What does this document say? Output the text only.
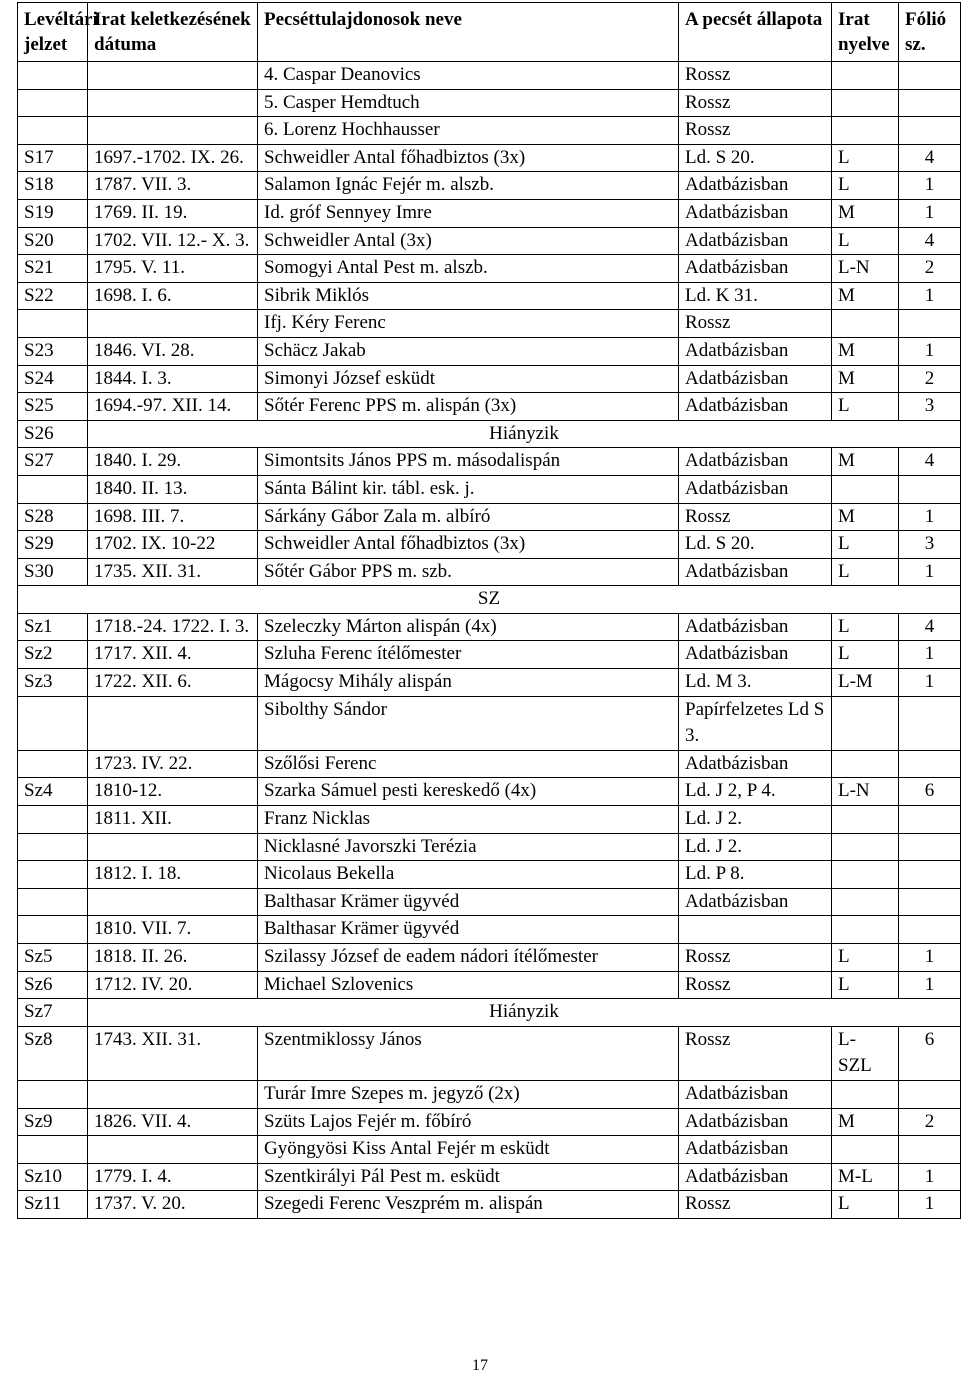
Levéltári jelzet	Irat keletkezésének dátuma	Pecséttulajdonosok neve	A pecsét állapota	Irat nyelve	Fólió sz.
		4. Caspar Deanovics	Rossz		
		5. Casper Hemdtuch	Rossz		
		6. Lorenz Hochhausser	Rossz		
S17	1697.-1702. IX. 26.	Schweidler Antal főhadbiztos (3x)	Ld. S 20.	L	4
S18	1787. VII. 3.	Salamon Ignác Fejér m. alszb.	Adatbázisban	L	1
S19	1769. II. 19.	Id. gróf Sennyey Imre	Adatbázisban	M	1
S20	1702. VII. 12.- X. 3.	Schweidler Antal (3x)	Adatbázisban	L	4
S21	1795. V. 11.	Somogyi Antal Pest m. alszb.	Adatbázisban	L-N	2
S22	1698. I. 6.	Sibrik Miklós	Ld. K 31.	M	1
		Ifj. Kéry Ferenc	Rossz		
S23	1846. VI. 28.	Schäcz Jakab	Adatbázisban	M	1
S24	1844. I. 3.	Simonyi József esküdt	Adatbázisban	M	2
S25	1694.-97. XII. 14.	Sőtér Ferenc PPS m. alispán (3x)	Adatbázisban	L	3
S26	Hiányzik				
S27	1840. I. 29.	Simontsits János PPS m. másodalispán	Adatbázisban	M	4
	1840. II. 13.	Sánta Bálint kir. tábl. esk. j.	Adatbázisban		
S28	1698. III. 7.	Sárkány Gábor Zala m. albíró	Rossz	M	1
S29	1702. IX. 10-22	Schweidler Antal főhadbiztos (3x)	Ld. S 20.	L	3
S30	1735. XII. 31.	Sőtér Gábor PPS m. szb.	Adatbázisban	L	1
SZ					
Sz1	1718.-24. 1722. I. 3.	Szeleczky Márton alispán (4x)	Adatbázisban	L	4
Sz2	1717. XII. 4.	Szluha Ferenc ítélőmester	Adatbázisban	L	1
Sz3	1722. XII. 6.	Mágocsy Mihály alispán	Ld. M 3.	L-M	1
		Sibolthy Sándor	Papírfelzetes Ld S 3.		
	1723. IV. 22.	Szőlősi Ferenc	Adatbázisban		
Sz4	1810-12.	Szarka Sámuel pesti kereskedő (4x)	Ld. J 2, P 4.	L-N	6
	1811. XII.	Franz Nicklas	Ld. J 2.		
		Nicklasné Javorszki Terézia	Ld. J 2.		
	1812. I. 18.	Nicolaus Bekella	Ld. P 8.		
		Balthasar Krämer ügyvéd	Adatbázisban		
	1810. VII. 7.	Balthasar Krämer ügyvéd			
Sz5	1818. II. 26.	Szilassy József de eadem nádori ítélőmester	Rossz	L	1
Sz6	1712. IV. 20.	Michael Szlovenics	Rossz	L	1
Sz7	Hiányzik				
Sz8	1743. XII. 31.	Szentmiklossy János	Rossz	L- SZL	6
		Turár Imre Szepes m. jegyző (2x)	Adatbázisban		
Sz9	1826. VII. 4.	Szüts Lajos Fejér m. főbíró	Adatbázisban	M	2
		Gyöngyösi Kiss Antal Fejér m esküdt	Adatbázisban		
Sz10	1779. I. 4.	Szentkirályi Pál Pest m. esküdt	Adatbázisban	M-L	1
Sz11	1737. V. 20.	Szegedi Ferenc Veszprém m. alispán	Rossz	L	1
17
